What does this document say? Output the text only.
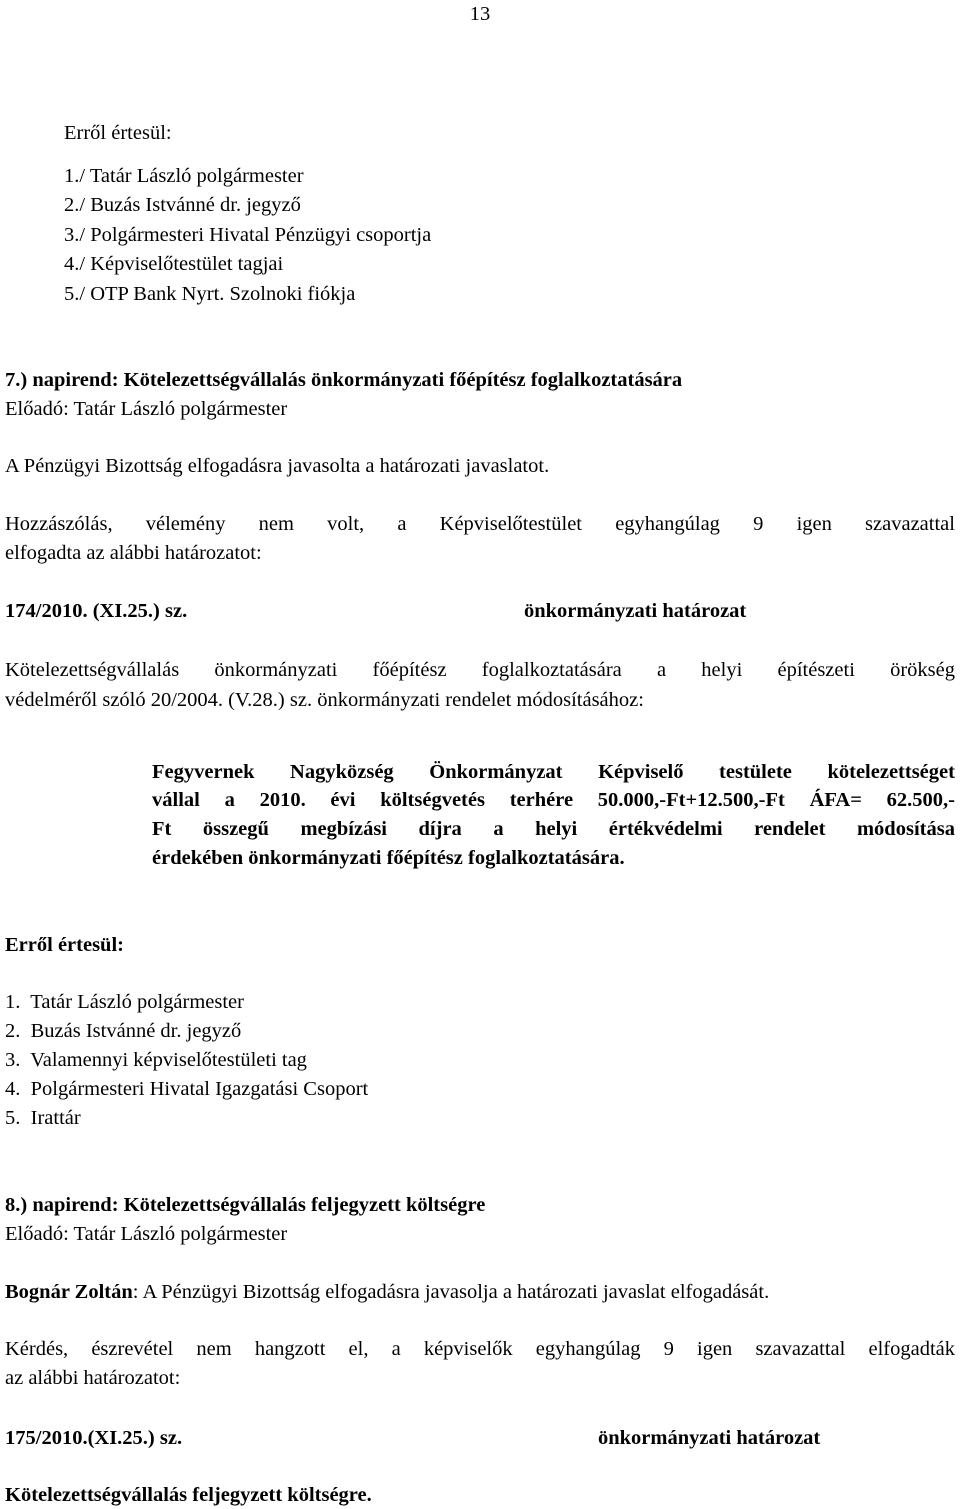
13
Erről értesül:
1./ Tatár László polgármester
2./ Buzás Istvánné dr. jegyző
3./ Polgármesteri Hivatal Pénzügyi csoportja
4./ Képviselőtestület tagjai
5./ OTP Bank Nyrt. Szolnoki fiókja
7.) napirend: Kötelezettségvállalás önkormányzati főépítész foglalkoztatására
Előadó: Tatár László polgármester
A Pénzügyi Bizottság elfogadásra javasolta a határozati javaslatot.
Hozzászólás, vélemény nem volt, a Képviselőtestület egyhangúlag 9 igen szavazattal
elfogadta az alábbi határozatot:
174/2010. (XI.25.) sz.	önkormányzati határozat
Kötelezettségvállalás önkormányzati főépítész foglalkoztatására a helyi építészeti örökség
védelméről szóló 20/2004. (V.28.) sz. önkormányzati rendelet módosításához:
Fegyvernek Nagyközség Önkormányzat Képviselő testülete kötelezettséget
vállal a 2010. évi költségvetés terhére 50.000,-Ft+12.500,-Ft ÁFA= 62.500,-
Ft összegű megbízási díjra a helyi értékvédelmi rendelet módosítása
érdekében önkormányzati főépítész foglalkoztatására.
Erről értesül:
1.  Tatár László polgármester
2.  Buzás Istvánné dr. jegyző
3.  Valamennyi képviselőtestületi tag
4.  Polgármesteri Hivatal Igazgatási Csoport
5.  Irattár
8.) napirend: Kötelezettségvállalás feljegyzett költségre
Előadó: Tatár László polgármester
Bognár Zoltán: A Pénzügyi Bizottság elfogadásra javasolja a határozati javaslat elfogadását.
Kérdés, észrevétel nem hangzott el, a képviselők egyhangúlag 9 igen szavazattal elfogadták
az alábbi határozatot:
175/2010.(XI.25.) sz.	önkormányzati határozat
Kötelezettségvállalás feljegyzett költségre.
